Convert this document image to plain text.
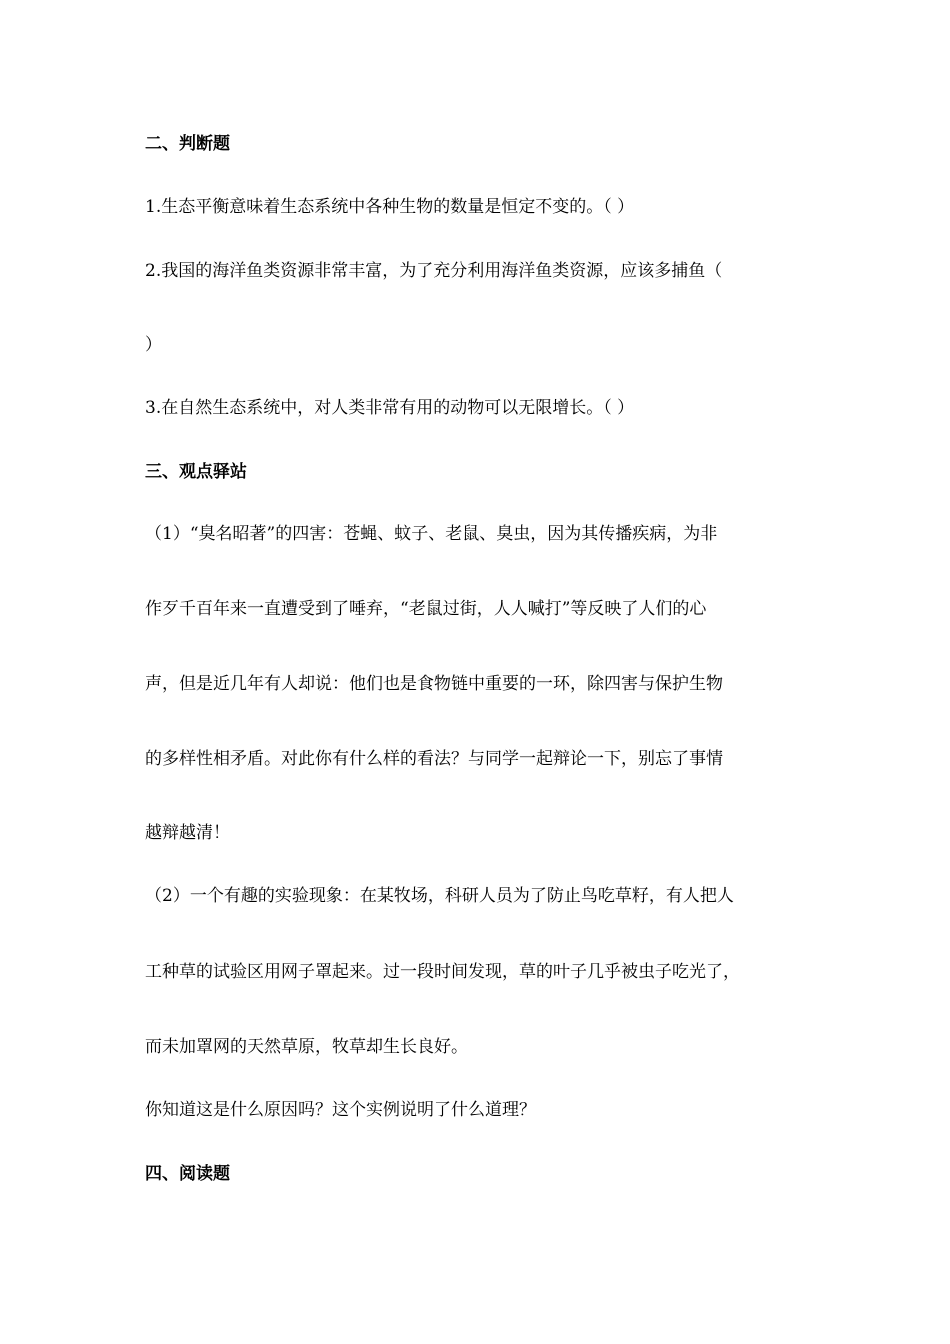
二、判断题
1.生态平衡意味着生态系统中各种生物的数量是恒定不变的。（ ）
2.我国的海洋鱼类资源非常丰富，为了充分利用海洋鱼类资源，应该多捕鱼（
）
3.在自然生态系统中，对人类非常有用的动物可以无限增长。（ ）
三、观点驿站
（1）“臭名昭著”的四害：苍蝇、蚊子、老鼠、臭虫，因为其传播疾病，为非
作歹千百年来一直遭受到了唾弃，“老鼠过街，人人喊打”等反映了人们的心
声，但是近几年有人却说：他们也是食物链中重要的一环，除四害与保护生物
的多样性相矛盾。对此你有什么样的看法？与同学一起辩论一下，别忘了事情
越辩越清！
（2）一个有趣的实验现象：在某牧场，科研人员为了防止鸟吃草籽，有人把人
工种草的试验区用网子罩起来。过一段时间发现，草的叶子几乎被虫子吃光了，
而未加罩网的天然草原，牧草却生长良好。
你知道这是什么原因吗？这个实例说明了什么道理？
四、阅读题
